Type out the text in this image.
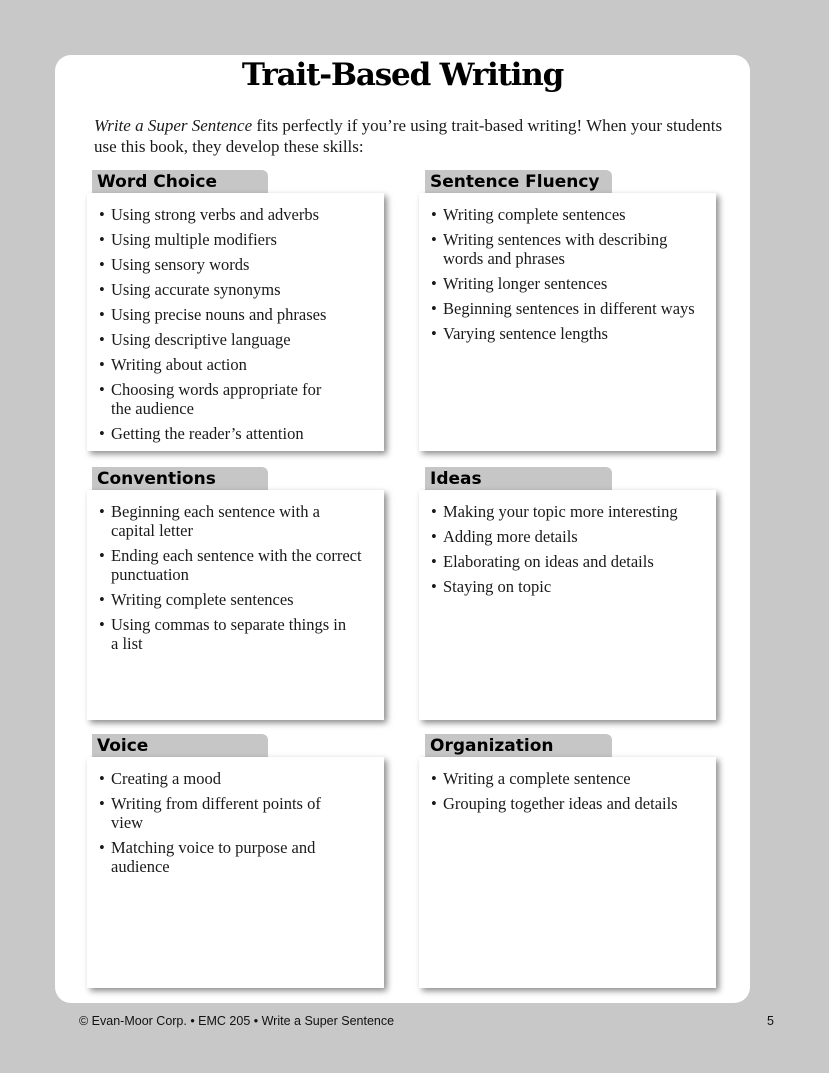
Trait-Based Writing

Write a Super Sentence fits perfectly if you’re using trait-based writing! When your students use this book, they develop these skills:

Word Choice
• Using strong verbs and adverbs
• Using multiple modifiers
• Using sensory words
• Using accurate synonyms
• Using precise nouns and phrases
• Using descriptive language
• Writing about action
• Choosing words appropriate for the audience
• Getting the reader’s attention
Sentence Fluency
• Writing complete sentences
• Writing sentences with describing words and phrases
• Writing longer sentences
• Beginning sentences in different ways
• Varying sentence lengths
Conventions
• Beginning each sentence with a capital letter
• Ending each sentence with the correct punctuation
• Writing complete sentences
• Using commas to separate things in a list
Ideas
• Making your topic more interesting
• Adding more details
• Elaborating on ideas and details
• Staying on topic
Voice
• Creating a mood
• Writing from different points of view
• Matching voice to purpose and audience
Organization
• Writing a complete sentence
• Grouping together ideas and details
© Evan-Moor Corp. • EMC 205 • Write a Super Sentence	5
